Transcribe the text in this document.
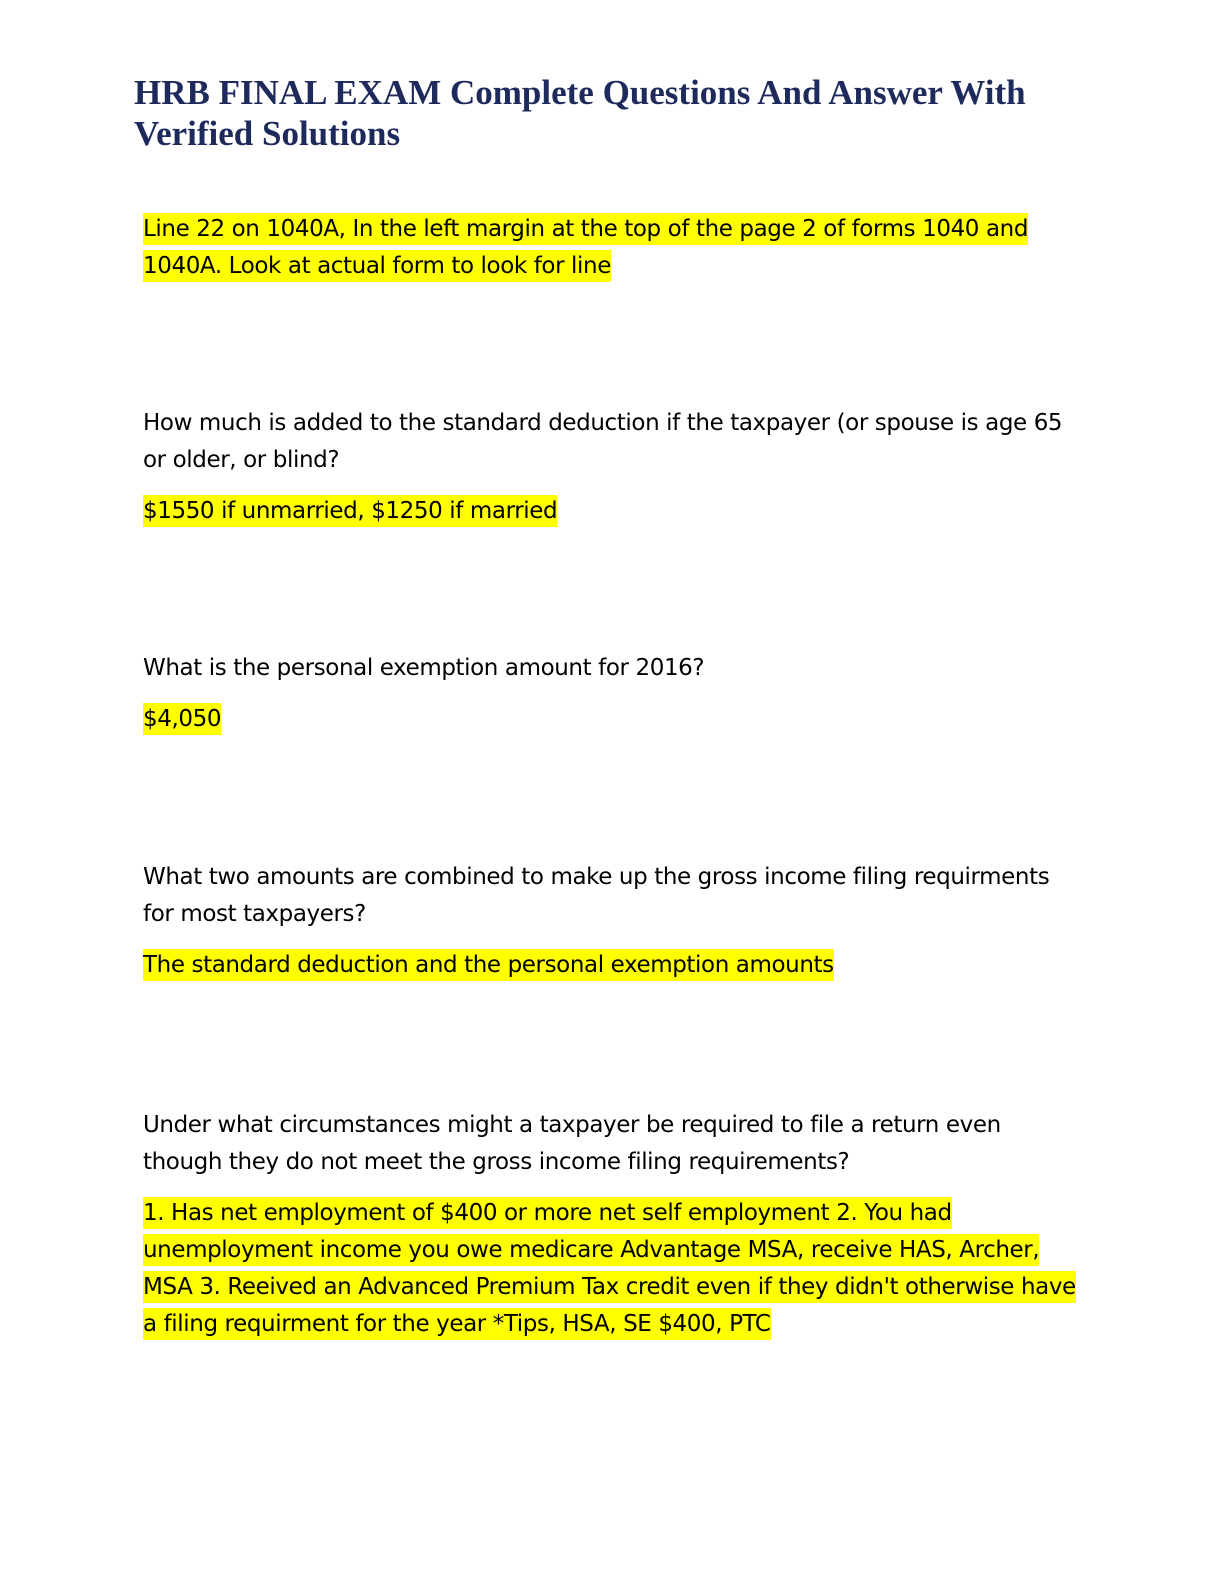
HRB FINAL EXAM Complete Questions And Answer With Verified Solutions

Line 22 on 1040A, In the left margin at the top of the page 2 of forms 1040 and 1040A. Look at actual form to look for line

How much is added to the standard deduction if the taxpayer (or spouse is age 65 or older, or blind?

$1550 if unmarried, $1250 if married

What is the personal exemption amount for 2016?

$4,050

What two amounts are combined to make up the gross income filing requirments for most taxpayers?

The standard deduction and the personal exemption amounts

Under what circumstances might a taxpayer be required to file a return even though they do not meet the gross income filing requirements?

1. Has net employment of $400 or more net self employment 2. You had unemployment income you owe medicare Advantage MSA, receive HAS, Archer, MSA 3. Reeived an Advanced Premium Tax credit even if they didn't otherwise have a filing requirment for the year *Tips, HSA, SE $400, PTC
